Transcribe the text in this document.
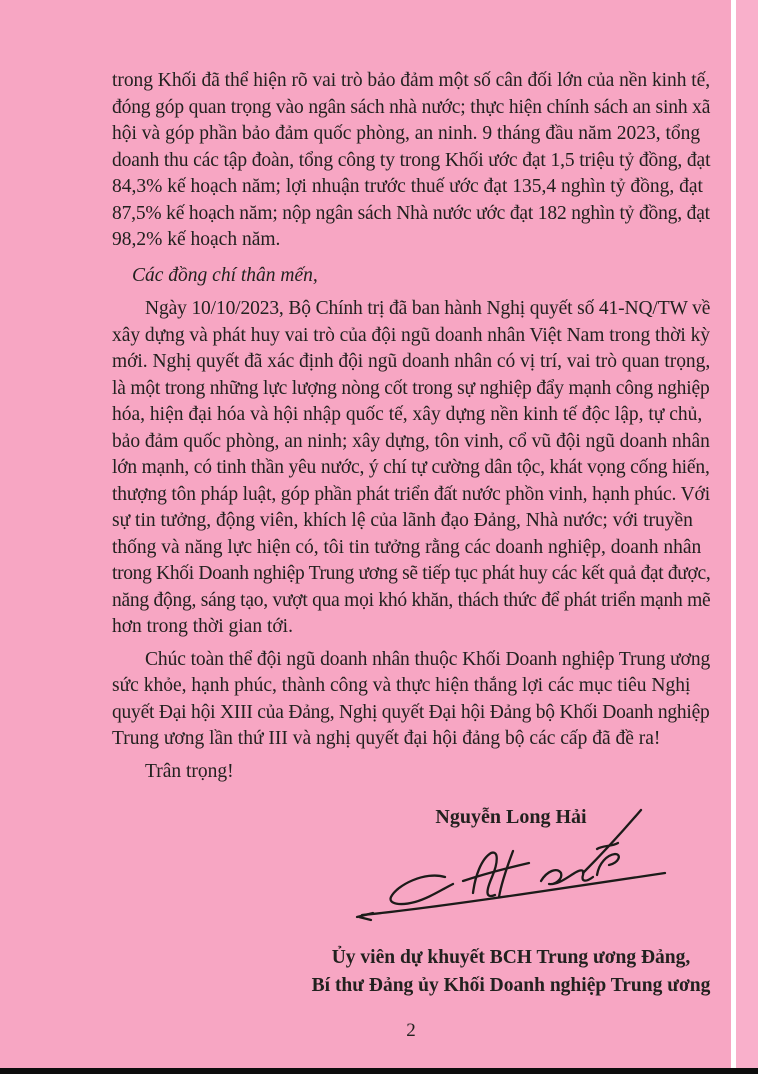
trong Khối đã thể hiện rõ vai trò bảo đảm một số cân đối lớn của nền kinh tế,
đóng góp quan trọng vào ngân sách nhà nước; thực hiện chính sách an sinh xã
hội và góp phần bảo đảm quốc phòng, an ninh. 9 tháng đầu năm 2023, tổng
doanh thu các tập đoàn, tổng công ty trong Khối ước đạt 1,5 triệu tỷ đồng, đạt
84,3% kế hoạch năm; lợi nhuận trước thuế ước đạt 135,4 nghìn tỷ đồng, đạt
87,5% kế hoạch năm; nộp ngân sách Nhà nước ước đạt 182 nghìn tỷ đồng, đạt
98,2% kế hoạch năm.
Các đồng chí thân mến,
Ngày 10/10/2023, Bộ Chính trị đã ban hành Nghị quyết số 41-NQ/TW về
xây dựng và phát huy vai trò của đội ngũ doanh nhân Việt Nam trong thời kỳ
mới. Nghị quyết đã xác định đội ngũ doanh nhân có vị trí, vai trò quan trọng,
là một trong những lực lượng nòng cốt trong sự nghiệp đẩy mạnh công nghiệp
hóa, hiện đại hóa và hội nhập quốc tế, xây dựng nền kinh tế độc lập, tự chủ,
bảo đảm quốc phòng, an ninh; xây dựng, tôn vinh, cổ vũ đội ngũ doanh nhân
lớn mạnh, có tinh thần yêu nước, ý chí tự cường dân tộc, khát vọng cống hiến,
thượng tôn pháp luật, góp phần phát triển đất nước phồn vinh, hạnh phúc. Với
sự tin tưởng, động viên, khích lệ của lãnh đạo Đảng, Nhà nước; với truyền
thống và năng lực hiện có, tôi tin tưởng rằng các doanh nghiệp, doanh nhân
trong Khối Doanh nghiệp Trung ương sẽ tiếp tục phát huy các kết quả đạt được,
năng động, sáng tạo, vượt qua mọi khó khăn, thách thức để phát triển mạnh mẽ
hơn trong thời gian tới.
Chúc toàn thể đội ngũ doanh nhân thuộc Khối Doanh nghiệp Trung ương
sức khỏe, hạnh phúc, thành công và thực hiện thắng lợi các mục tiêu Nghị
quyết Đại hội XIII của Đảng, Nghị quyết Đại hội Đảng bộ Khối Doanh nghiệp
Trung ương lần thứ III và nghị quyết đại hội đảng bộ các cấp đã đề ra!
Trân trọng!
Nguyễn Long Hải
Ủy viên dự khuyết BCH Trung ương Đảng,
Bí thư Đảng ủy Khối Doanh nghiệp Trung ương
2
